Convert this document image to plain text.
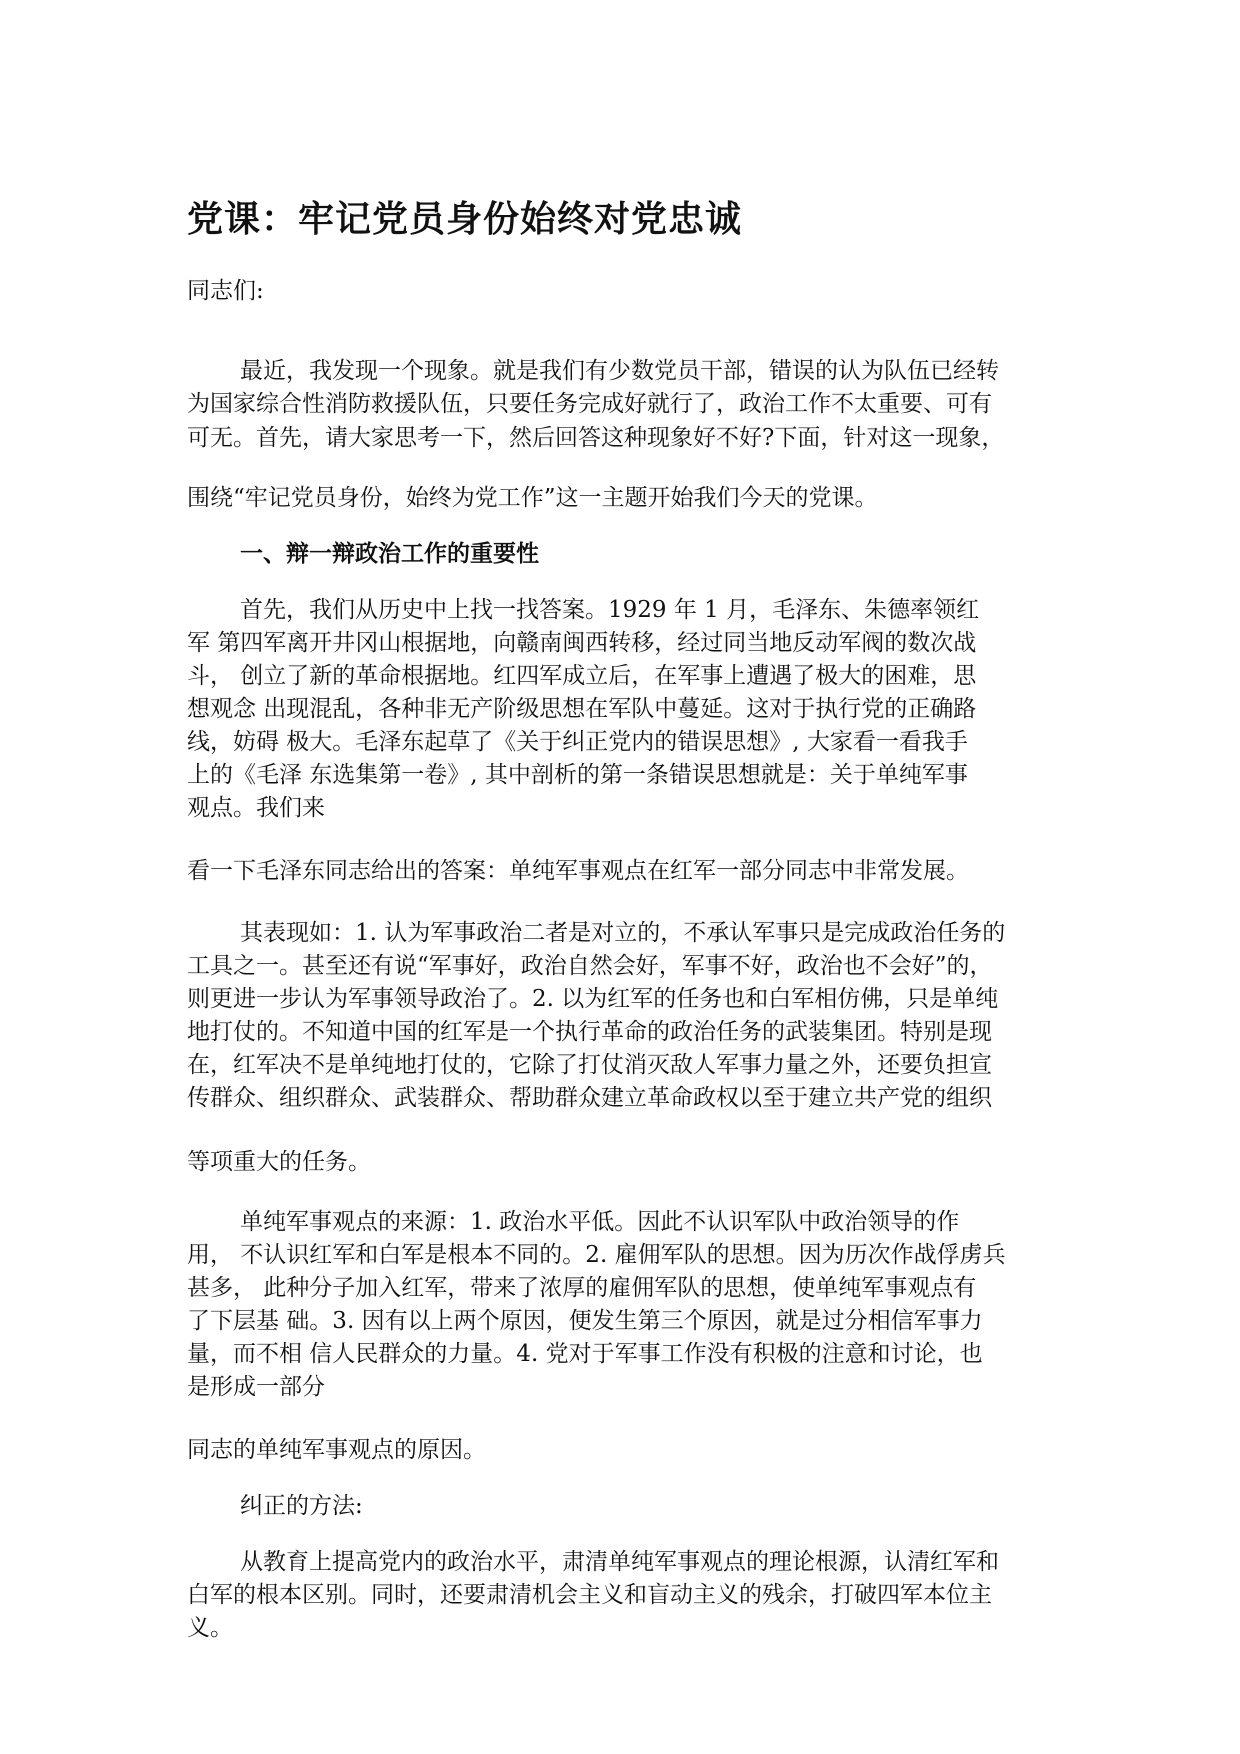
党课：牢记党员身份始终对党忠诚

同志们:

最近，我发现一个现象。就是我们有少数党员干部，错误的认为队伍已经转

为国家综合性消防救援队伍，只要任务完成好就行了，政治工作不太重要、可有

可无。首先，请大家思考一下，然后回答这种现象好不好?下面，针对这一现象，

围绕“牢记党员身份，始终为党工作”这一主题开始我们今天的党课。

一、辩一辩政治工作的重要性

首先，我们从历史中上找一找答案。1929 年 1 月，毛泽东、朱德率领红

军 第四军离开井冈山根据地，向赣南闽西转移，经过同当地反动军阀的数次战

斗， 创立了新的革命根据地。红四军成立后，在军事上遭遇了极大的困难，思

想观念 出现混乱，各种非无产阶级思想在军队中蔓延。这对于执行党的正确路

线，妨碍 极大。毛泽东起草了《关于纠正党内的错误思想》, 大家看一看我手

上的《毛泽 东选集第一卷》, 其中剖析的第一条错误思想就是：关于单纯军事

观点。我们来

看一下毛泽东同志给出的答案：单纯军事观点在红军一部分同志中非常发展。

其表现如：1. 认为军事政治二者是对立的，不承认军事只是完成政治任务的

工具之一。甚至还有说“军事好，政治自然会好，军事不好，政治也不会好”的，

则更进一步认为军事领导政治了。2. 以为红军的任务也和白军相仿佛，只是单纯

地打仗的。不知道中国的红军是一个执行革命的政治任务的武装集团。特别是现

在，红军决不是单纯地打仗的，它除了打仗消灭敌人军事力量之外，还要负担宣

传群众、组织群众、武装群众、帮助群众建立革命政权以至于建立共产党的组织

等项重大的任务。

单纯军事观点的来源：1. 政治水平低。因此不认识军队中政治领导的作

用， 不认识红军和白军是根本不同的。2. 雇佣军队的思想。因为历次作战俘虏兵

甚多， 此种分子加入红军，带来了浓厚的雇佣军队的思想，使单纯军事观点有

了下层基 础。3. 因有以上两个原因，便发生第三个原因，就是过分相信军事力

量，而不相 信人民群众的力量。4. 党对于军事工作没有积极的注意和讨论，也

是形成一部分

同志的单纯军事观点的原因。

纠正的方法:

从教育上提高党内的政治水平，肃清单纯军事观点的理论根源，认清红军和

白军的根本区别。同时，还要肃清机会主义和盲动主义的残余，打破四军本位主

义。
